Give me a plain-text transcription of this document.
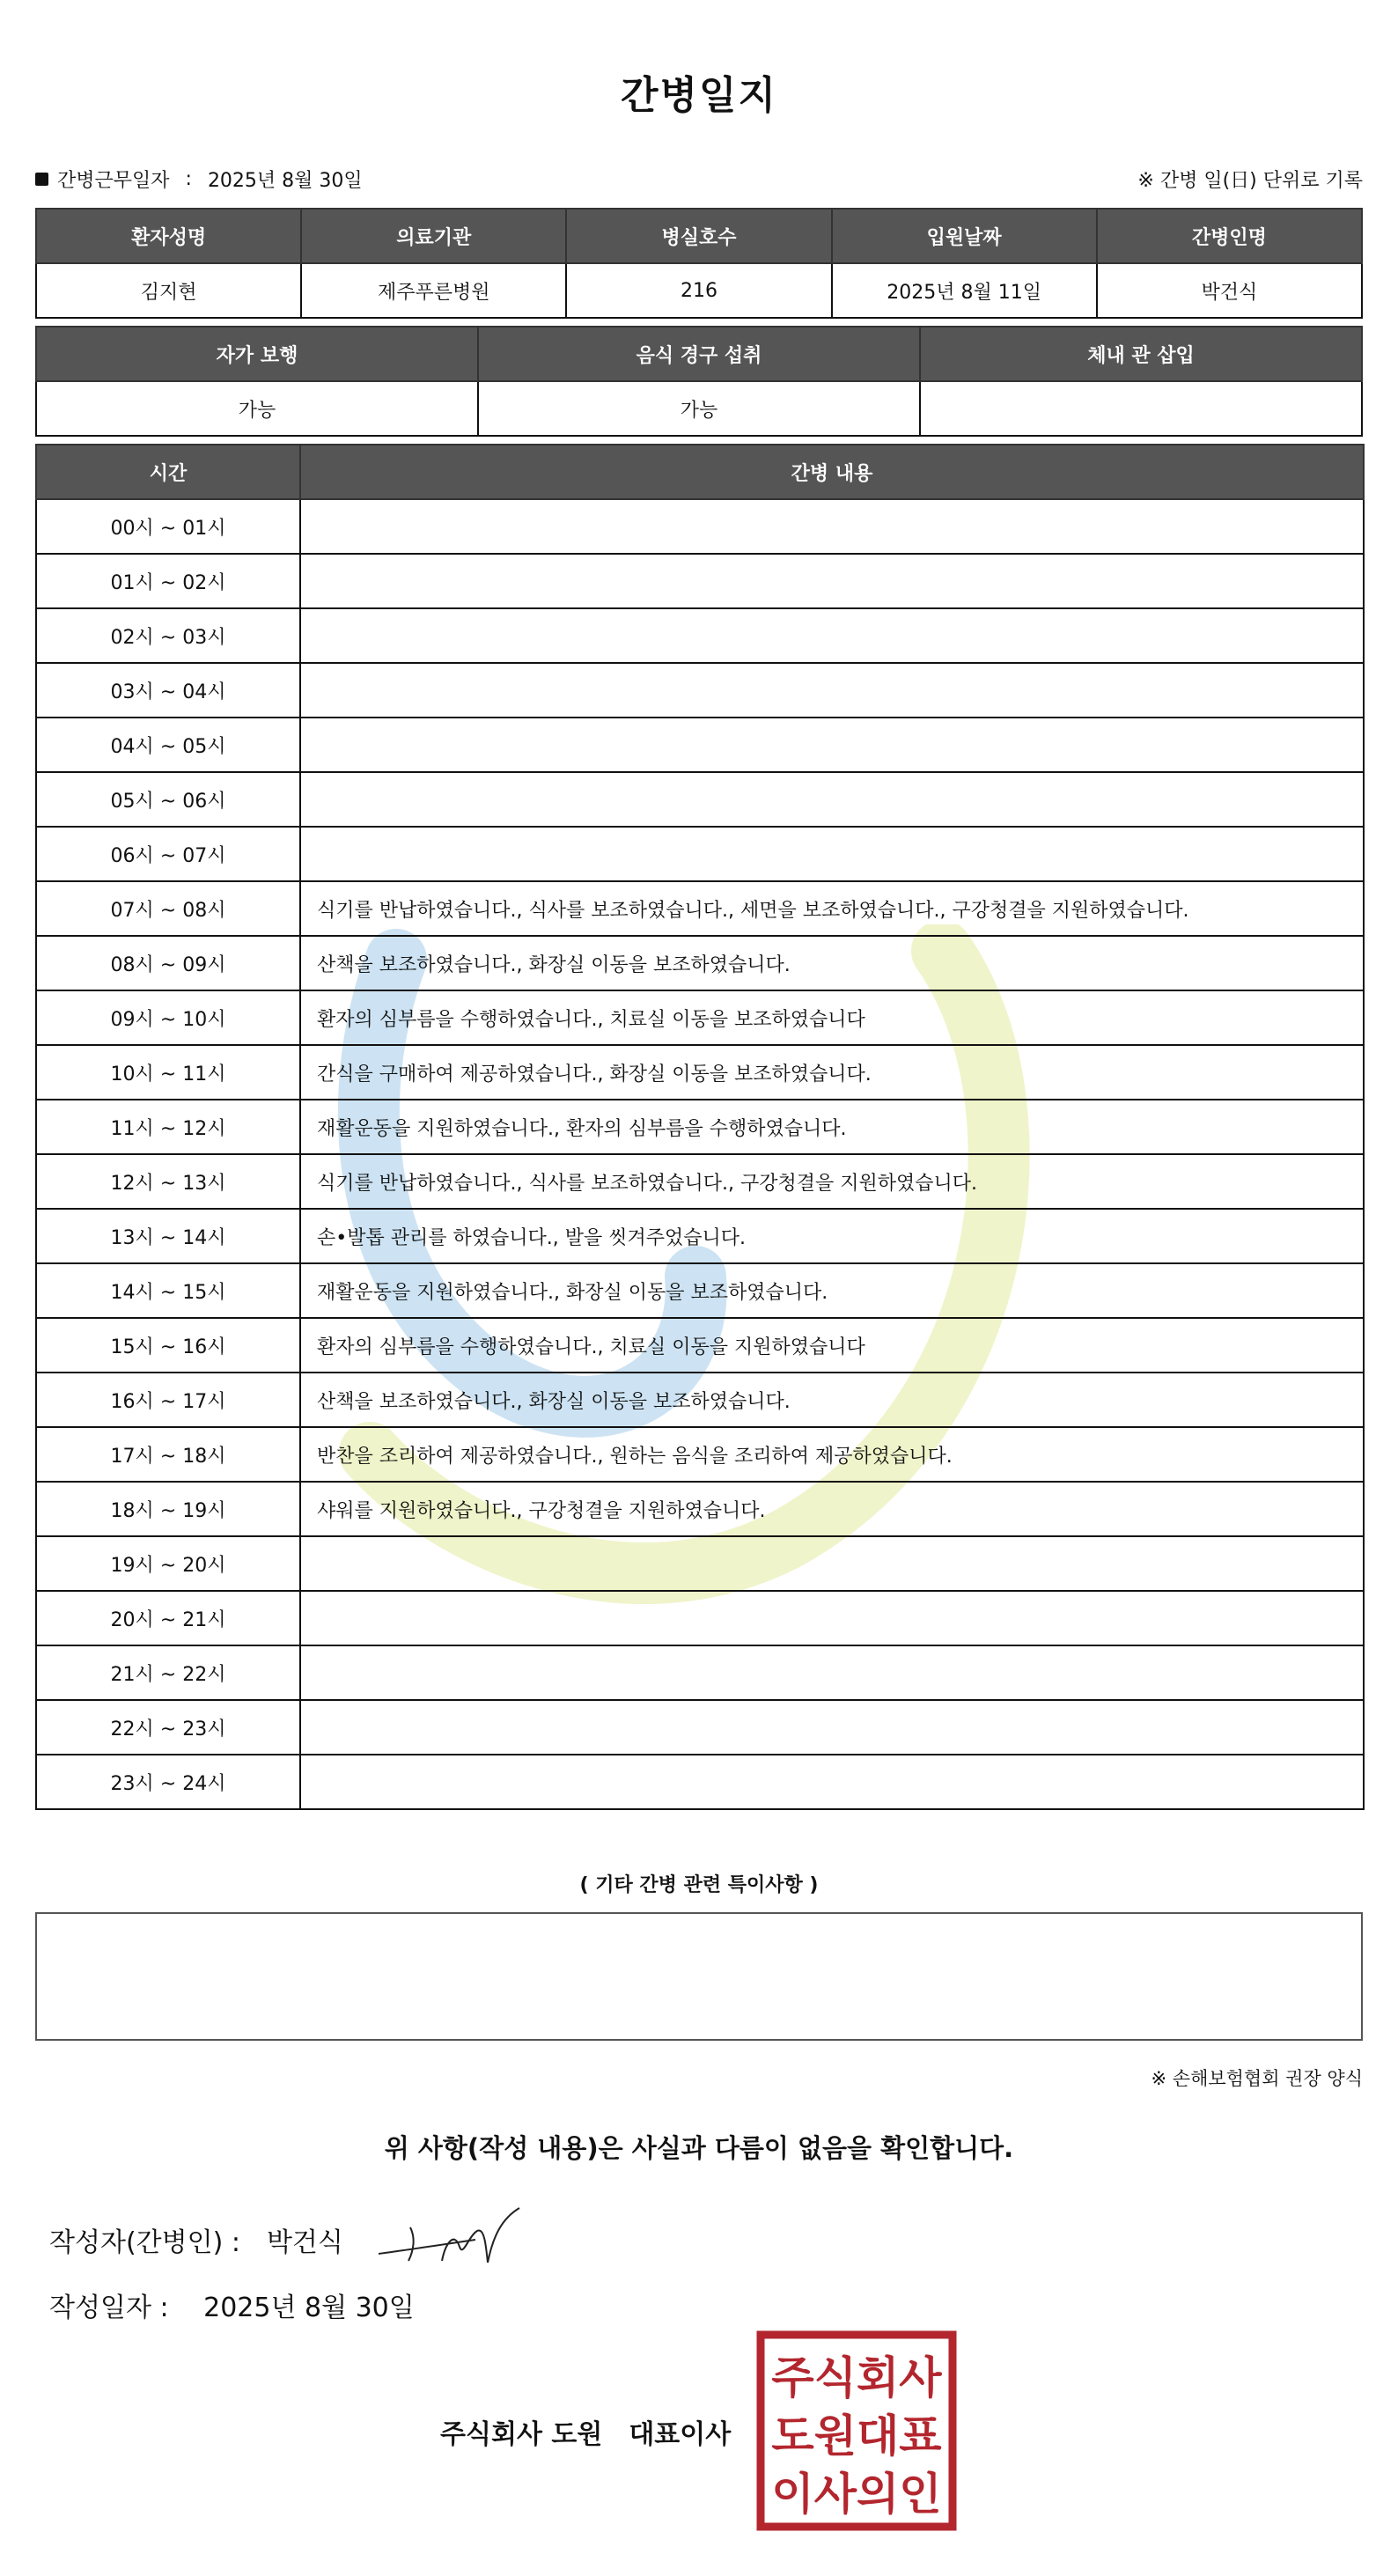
간병일지
간병근무일자 : 2025년 8월 30일	※ 간병 일(日) 단위로 기록
환자성명	의료기관	병실호수	입원날짜	간병인명
김지현	제주푸른병원	216	2025년 8월 11일	박건식
자가 보행	음식 경구 섭취	체내 관 삽입
가능	가능	
시간	간병 내용
00시 ~ 01시	
01시 ~ 02시	
02시 ~ 03시	
03시 ~ 04시	
04시 ~ 05시	
05시 ~ 06시	
06시 ~ 07시	
07시 ~ 08시	식기를 반납하였습니다., 식사를 보조하였습니다., 세면을 보조하였습니다., 구강청결을 지원하였습니다.
08시 ~ 09시	산책을 보조하였습니다., 화장실 이동을 보조하였습니다.
09시 ~ 10시	환자의 심부름을 수행하였습니다., 치료실 이동을 보조하였습니다
10시 ~ 11시	간식을 구매하여 제공하였습니다., 화장실 이동을 보조하였습니다.
11시 ~ 12시	재활운동을 지원하였습니다., 환자의 심부름을 수행하였습니다.
12시 ~ 13시	식기를 반납하였습니다., 식사를 보조하였습니다., 구강청결을 지원하였습니다.
13시 ~ 14시	손•발톱 관리를 하였습니다., 발을 씻겨주었습니다.
14시 ~ 15시	재활운동을 지원하였습니다., 화장실 이동을 보조하였습니다.
15시 ~ 16시	환자의 심부름을 수행하였습니다., 치료실 이동을 지원하였습니다
16시 ~ 17시	산책을 보조하였습니다., 화장실 이동을 보조하였습니다.
17시 ~ 18시	반찬을 조리하여 제공하였습니다., 원하는 음식을 조리하여 제공하였습니다.
18시 ~ 19시	샤워를 지원하였습니다., 구강청결을 지원하였습니다.
19시 ~ 20시	
20시 ~ 21시	
21시 ~ 22시	
22시 ~ 23시	
23시 ~ 24시	
( 기타 간병 관련 특이사항 )
※ 손해보험협회 권장 양식
위 사항(작성 내용)은 사실과 다름이 없음을 확인합니다.
작성자(간병인) : 박건식
작성일자 : 2025년 8월 30일
주식회사 도원 대표이사
주식회사
도원대표
이사의인
